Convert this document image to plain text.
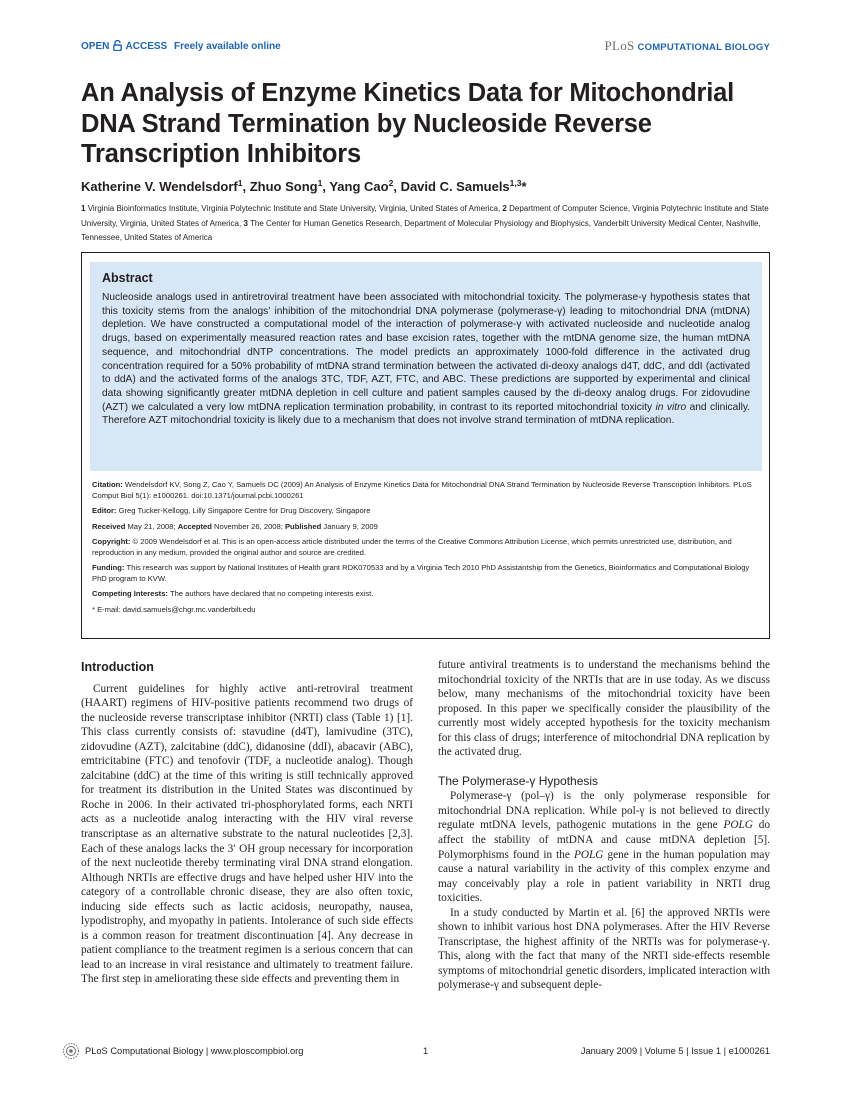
OPEN ACCESS Freely available online	PLoS COMPUTATIONAL BIOLOGY
An Analysis of Enzyme Kinetics Data for Mitochondrial DNA Strand Termination by Nucleoside Reverse Transcription Inhibitors
Katherine V. Wendelsdorf$^1$, Zhuo Song$^1$, Yang Cao$^2$, David C. Samuels$^{1,3}$*
1 Virginia Bioinformatics Institute, Virginia Polytechnic Institute and State University, Virginia, United States of America, 2 Department of Computer Science, Virginia Polytechnic Institute and State University, Virginia, United States of America, 3 The Center for Human Genetics Research, Department of Molecular Physiology and Biophysics, Vanderbilt University Medical Center, Nashville, Tennessee, United States of America
Abstract

Nucleoside analogs used in antiretroviral treatment have been associated with mitochondrial toxicity. The polymerase-γ hypothesis states that this toxicity stems from the analogs’ inhibition of the mitochondrial DNA polymerase (polymerase-γ) leading to mitochondrial DNA (mtDNA) depletion. We have constructed a computational model of the interaction of polymerase-γ with activated nucleoside and nucleotide analog drugs, based on experimentally measured reaction rates and base excision rates, together with the mtDNA genome size, the human mtDNA sequence, and mitochondrial dNTP concentrations. The model predicts an approximately 1000-fold difference in the activated drug concentration required for a 50% probability of mtDNA strand termination between the activated di-deoxy analogs d4T, ddC, and ddI (activated to ddA) and the activated forms of the analogs 3TC, TDF, AZT, FTC, and ABC. These predictions are supported by experimental and clinical data showing significantly greater mtDNA depletion in cell culture and patient samples caused by the di-deoxy analog drugs. For zidovudine (AZT) we calculated a very low mtDNA replication termination probability, in contrast to its reported mitochondrial toxicity in vitro and clinically. Therefore AZT mitochondrial toxicity is likely due to a mechanism that does not involve strand termination of mtDNA replication.

Citation: Wendelsdorf KV, Song Z, Cao Y, Samuels DC (2009) An Analysis of Enzyme Kinetics Data for Mitochondrial DNA Strand Termination by Nucleoside Reverse Transcription Inhibitors. PLoS Comput Biol 5(1): e1000261. doi:10.1371/journal.pcbi.1000261
Editor: Greg Tucker-Kellogg, Lilly Singapore Centre for Drug Discovery, Singapore
Received May 21, 2008; Accepted November 26, 2008; Published January 9, 2009
Copyright: © 2009 Wendelsdorf et al. This is an open-access article distributed under the terms of the Creative Commons Attribution License, which permits unrestricted use, distribution, and reproduction in any medium, provided the original author and source are credited.
Funding: This research was support by National Institutes of Health grant RDK070533 and by a Virginia Tech 2010 PhD Assistantship from the Genetics, Bioinformatics and Computational Biology PhD program to KVW.
Competing Interests: The authors have declared that no competing interests exist.
* E-mail: david.samuels@chgr.mc.vanderbilt.edu
Introduction

Current guidelines for highly active anti-retroviral treatment (HAART) regimens of HIV-positive patients recommend two drugs of the nucleoside reverse transcriptase inhibitor (NRTI) class (Table 1) [1]. This class currently consists of: stavudine (d4T), lamivudine (3TC), zidovudine (AZT), zalcitabine (ddC), didanosine (ddI), abacavir (ABC), emtricitabine (FTC) and tenofovir (TDF, a nucleotide analog). Though zalcitabine (ddC) at the time of this writing is still technically approved for treatment its distribution in the United States was discontinued by Roche in 2006. In their activated tri-phosphorylated forms, each NRTI acts as a nucleotide analog interacting with the HIV viral reverse transcriptase as an alternative substrate to the natural nucleotides [2,3]. Each of these analogs lacks the 3′ OH group necessary for incorporation of the next nucleotide thereby terminating viral DNA strand elongation. Although NRTIs are effective drugs and have helped usher HIV into the category of a controllable chronic disease, they are also often toxic, inducing side effects such as lactic acidosis, neuropathy, nausea, lypodistrophy, and myopathy in patients. Intolerance of such side effects is a common reason for treatment discontinuation [4]. Any decrease in patient compliance to the treatment regimen is a serious concern that can lead to an increase in viral resistance and ultimately to treatment failure. The first step in ameliorating these side effects and preventing them in

future antiviral treatments is to understand the mechanisms behind the mitochondrial toxicity of the NRTIs that are in use today. As we discuss below, many mechanisms of the mitochondrial toxicity have been proposed. In this paper we specifically consider the plausibility of the currently most widely accepted hypothesis for the toxicity mechanism for this class of drugs; interference of mitochondrial DNA replication by the activated drug.

The Polymerase-γ Hypothesis

Polymerase-γ (pol–γ) is the only polymerase responsible for mitochondrial DNA replication. While pol-γ is not believed to directly regulate mtDNA levels, pathogenic mutations in the gene POLG do affect the stability of mtDNA and cause mtDNA depletion [5]. Polymorphisms found in the POLG gene in the human population may cause a natural variability in the activity of this complex enzyme and may conceivably play a role in patient variability in NRTI drug toxicities.

In a study conducted by Martin et al. [6] the approved NRTIs were shown to inhibit various host DNA polymerases. After the HIV Reverse Transcriptase, the highest affinity of the NRTIs was for polymerase-γ. This, along with the fact that many of the NRTI side-effects resemble symptoms of mitochondrial genetic disorders, implicated interaction with polymerase-γ and subsequent deple-

PLoS Computational Biology | www.ploscompbiol.org	1	January 2009 | Volume 5 | Issue 1 | e1000261
